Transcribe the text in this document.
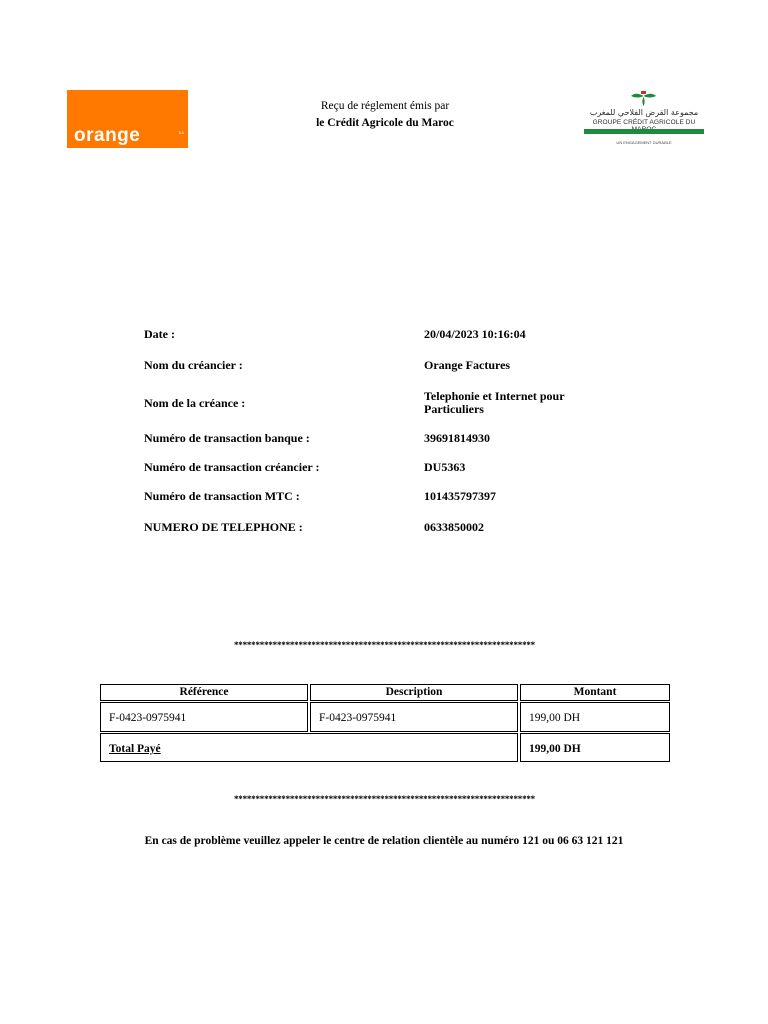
orange	SA
Reçu de réglement émis par
le Crédit Agricole du Maroc
مجموعة القرض الفلاحي للمغرب
GROUPE CRÉDIT AGRICOLE DU
UN ENGAGEMENT DURABLE
Date :	20/04/2023 10:16:04
Nom du créancier :	Orange Factures
Nom de la créance :	Telephonie et Internet pour Particuliers
Numéro de transaction banque :	39691814930
Numéro de transaction créancier :	DU5363
Numéro de transaction MTC :	101435797397
NUMERO DE TELEPHONE :	0633850002
**********************************************************************
Référence	Description	Montant
F-0423-0975941	F-0423-0975941	199,00 DH
Total Payé	199,00 DH
**********************************************************************
En cas de problème veuillez appeler le centre de relation clientèle au numéro 121 ou 06 63 121 121
